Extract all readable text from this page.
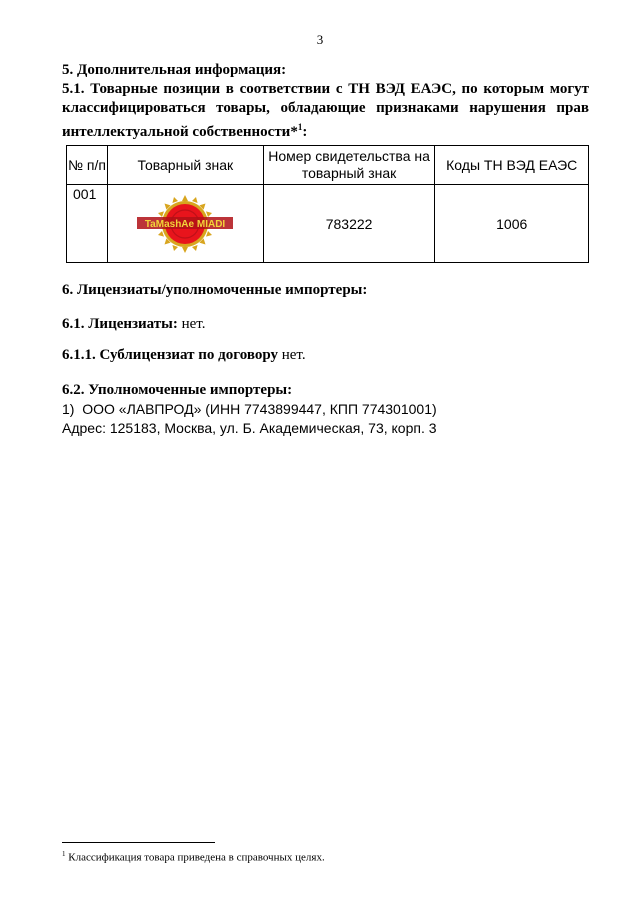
3
5. Дополнительная информация:
5.1. Товарные позиции в соответствии с ТН ВЭД ЕАЭС, по которым могут классифицироваться товары, обладающие признаками нарушения прав интеллектуальной собственности*$^1$:
№ п/п	Товарный знак	Номер свидетельства на товарный знак	Коды ТН ВЭД ЕАЭС
001	TaMashAe MIADI	783222	1006
6. Лицензиаты/уполномоченные импортеры:
6.1. Лицензиаты: нет.
6.1.1. Сублицензиат по договору нет.
6.2. Уполномоченные импортеры:
1)  ООО «ЛАВПРОД» (ИНН 7743899447, КПП 774301001)
Адрес: 125183, Москва, ул. Б. Академическая, 73, корп. 3
$^1$ Классификация товара приведена в справочных целях.
